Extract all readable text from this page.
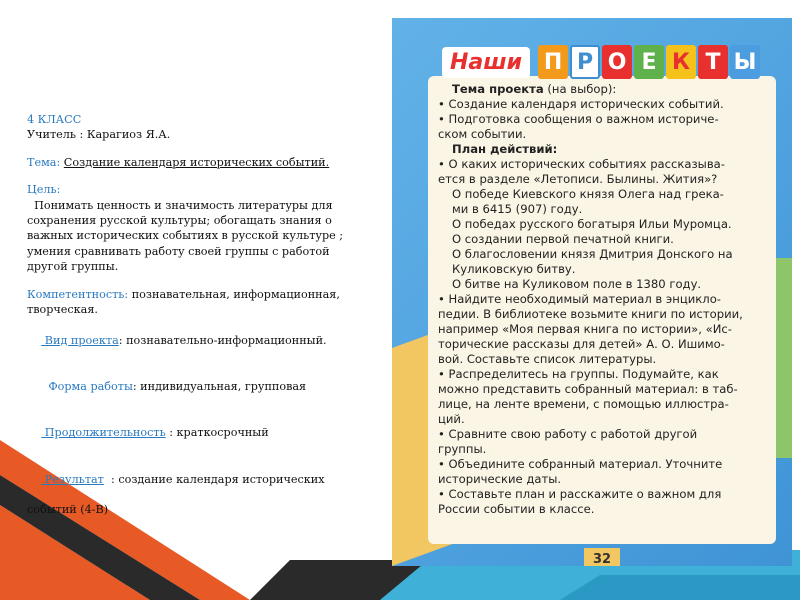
4 КЛАСС

Учитель : Карагиоз Я.А.

Тема: Создание календаря исторических событий.

Цель:

Понимать ценность и значимость литературы для

сохранения русской культуры; обогащать знания о

важных исторических событиях в русской культуре ;

умения сравнивать работу своей группы с работой

другой группы.

Компетентность: познавательная, информационная,

творческая.

Вид проекта: познавательно-информационный.

Форма работы: индивидуальная, групповая

Продолжительность : краткосрочный

Результат  : создание календаря исторических

событий (4-В)

Наши П Р О Е К Т Ы
Тема проекта (на выбор):
• Создание календаря исторических событий.
• Подготовка сообщения о важном историче-
ском событии.
План действий:
• О каких исторических событиях рассказыва-
ется в разделе «Летописи. Былины. Жития»?
О победе Киевского князя Олега над грека-
ми в 6415 (907) году.
О победах русского богатыря Ильи Муромца.
О создании первой печатной книги.
О благословении князя Дмитрия Донского на
Куликовскую битву.
О битве на Куликовом поле в 1380 году.
• Найдите необходимый материал в энцикло-
педии. В библиотеке возьмите книги по истории,
например «Моя первая книга по истории», «Ис-
торические рассказы для детей» А. О. Ишимо-
вой. Составьте список литературы.
• Распределитесь на группы. Подумайте, как
можно представить собранный материал: в таб-
лице, на ленте времени, с помощью иллюстра-
ций.
• Сравните свою работу с работой другой
группы.
• Объедините собранный материал. Уточните
исторические даты.
• Составьте план и расскажите о важном для
России событии в классе.
32
